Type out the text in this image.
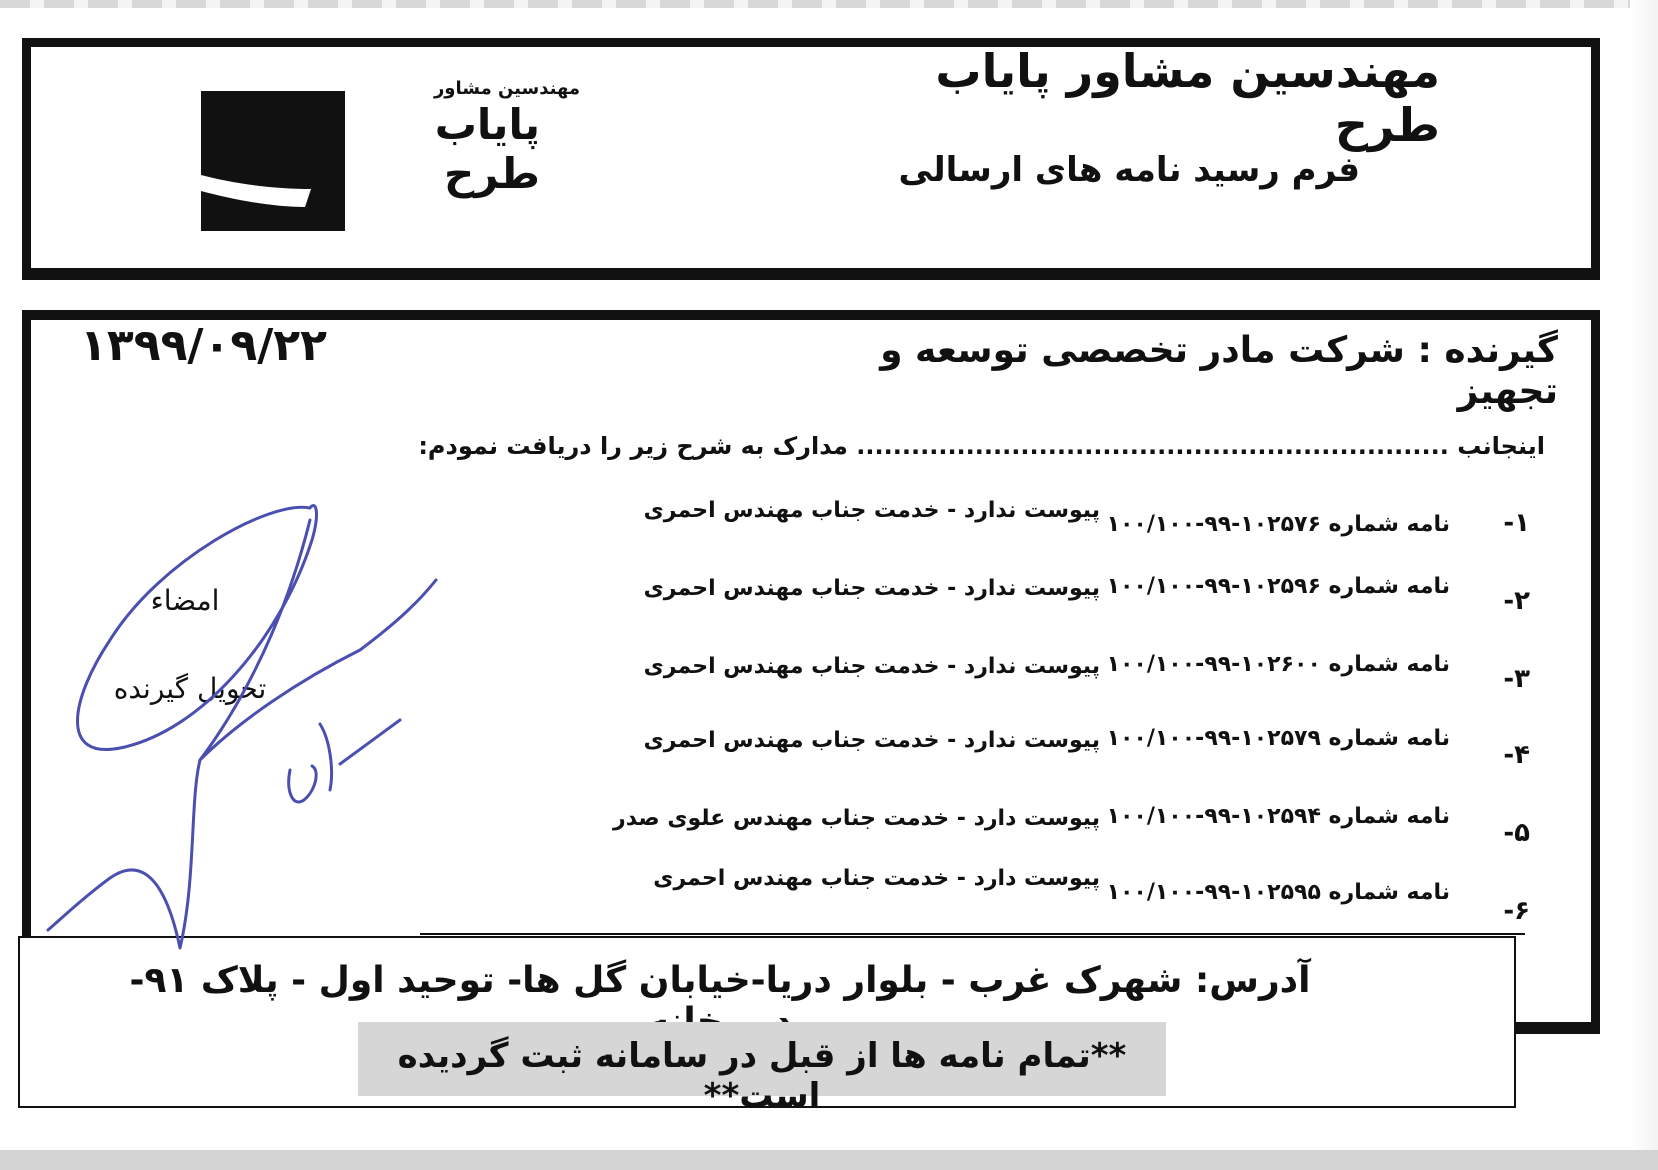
مهندسین مشاور
پایاب طرح
مهندسین مشاور پایاب طرح
فرم رسید نامه های ارسالی
۱۳۹۹/۰۹/۲۲	گیرنده : شرکت مادر تخصصی توسعه و تجهیز
اینجانب ................................................................. مدارک به شرح زیر را دریافت نمودم:
۱-
نامه شماره ۱۰۲۵۷۶-۹۹-۱۰۰/۱۰۰
پیوست ندارد - خدمت جناب مهندس احمری
۲-
نامه شماره ۱۰۲۵۹۶-۹۹-۱۰۰/۱۰۰
پیوست ندارد - خدمت جناب مهندس احمری
۳-
نامه شماره ۱۰۲۶۰۰-۹۹-۱۰۰/۱۰۰
پیوست ندارد - خدمت جناب مهندس احمری
۴-
نامه شماره ۱۰۲۵۷۹-۹۹-۱۰۰/۱۰۰
پیوست ندارد - خدمت جناب مهندس احمری
۵-
نامه شماره ۱۰۲۵۹۴-۹۹-۱۰۰/۱۰۰
پیوست دارد - خدمت جناب مهندس علوی صدر
۶-
نامه شماره ۱۰۲۵۹۵-۹۹-۱۰۰/۱۰۰
پیوست دارد - خدمت جناب مهندس احمری
امضاء
تحویل گیرنده
آدرس: شهرک غرب - بلوار دریا-خیابان گل ها- توحید اول - پلاک ۹۱-
**تمام نامه ها از قبل در سامانه ثبت گردیده است**
